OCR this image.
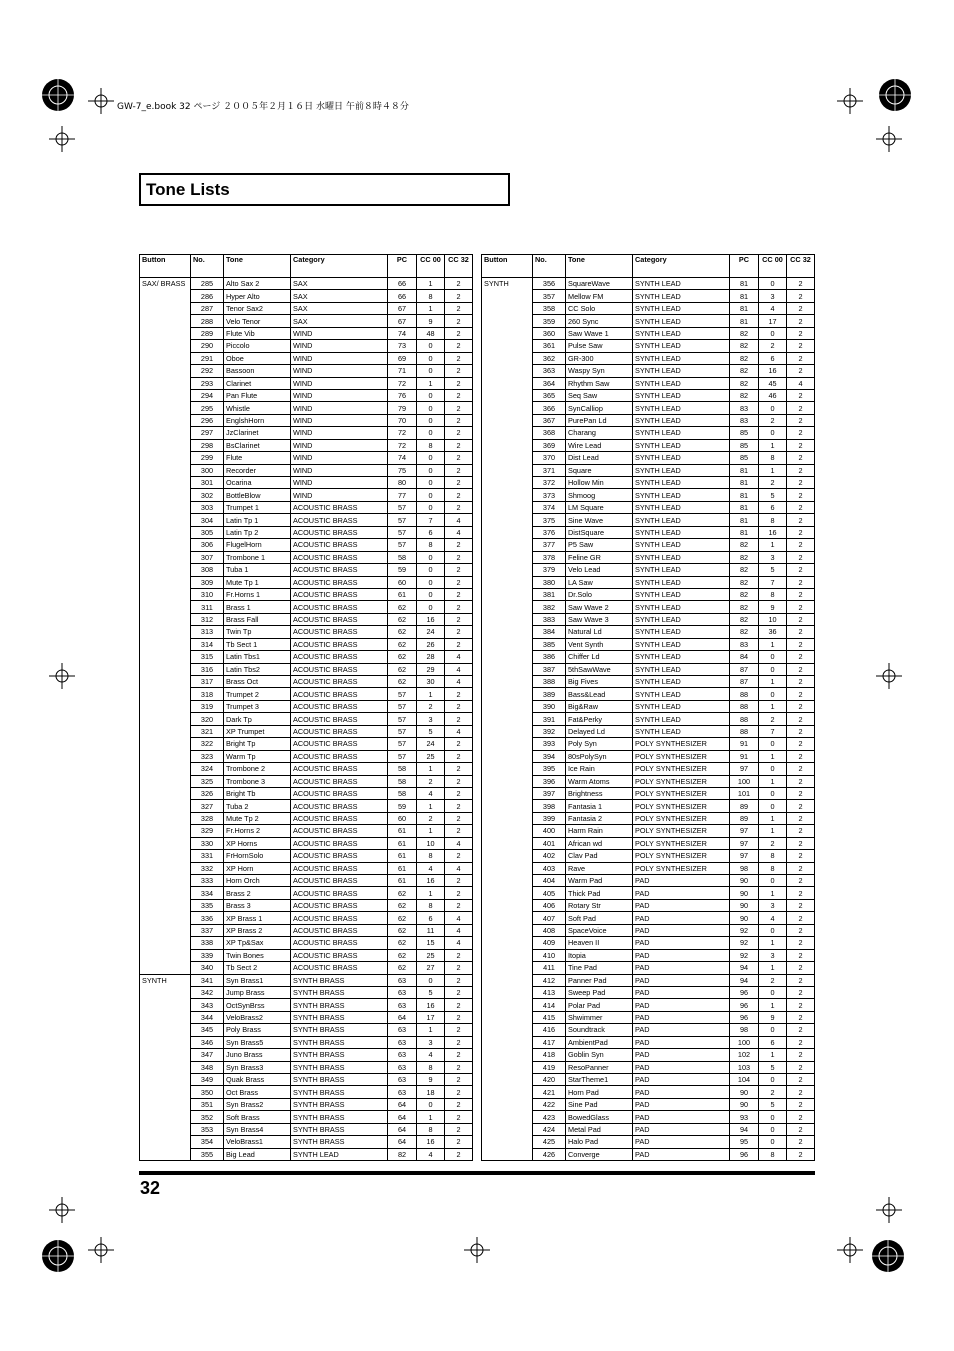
GW-7_e.book 32 ページ ２００５年２月１６日 水曜日 午前８時４８分
Tone Lists
Button	No.	Tone	Category	PC	CC 00	CC 32
SAX/ BRASS	285	Alto Sax 2	SAX	66	1	2
	286	Hyper Alto	SAX	66	8	2
	287	Tenor Sax2	SAX	67	1	2
	288	Velo Tenor	SAX	67	9	2
	289	Flute Vib	WIND	74	48	2
	290	Piccolo	WIND	73	0	2
	291	Oboe	WIND	69	0	2
	292	Bassoon	WIND	71	0	2
	293	Clarinet	WIND	72	1	2
	294	Pan Flute	WIND	76	0	2
	295	Whistle	WIND	79	0	2
	296	EnglshHorn	WIND	70	0	2
	297	JzClarinet	WIND	72	0	2
	298	BsClarinet	WIND	72	8	2
	299	Flute	WIND	74	0	2
	300	Recorder	WIND	75	0	2
	301	Ocarina	WIND	80	0	2
	302	BottleBlow	WIND	77	0	2
	303	Trumpet 1	ACOUSTIC BRASS	57	0	2
	304	Latin Tp 1	ACOUSTIC BRASS	57	7	4
	305	Latin Tp 2	ACOUSTIC BRASS	57	6	4
	306	FlugelHorn	ACOUSTIC BRASS	57	8	2
	307	Trombone 1	ACOUSTIC BRASS	58	0	2
	308	Tuba 1	ACOUSTIC BRASS	59	0	2
	309	Mute Tp 1	ACOUSTIC BRASS	60	0	2
	310	Fr.Horns 1	ACOUSTIC BRASS	61	0	2
	311	Brass 1	ACOUSTIC BRASS	62	0	2
	312	Brass Fall	ACOUSTIC BRASS	62	16	2
	313	Twin Tp	ACOUSTIC BRASS	62	24	2
	314	Tb Sect 1	ACOUSTIC BRASS	62	26	2
	315	Latin Tbs1	ACOUSTIC BRASS	62	28	4
	316	Latin Tbs2	ACOUSTIC BRASS	62	29	4
	317	Brass Oct	ACOUSTIC BRASS	62	30	4
	318	Trumpet 2	ACOUSTIC BRASS	57	1	2
	319	Trumpet 3	ACOUSTIC BRASS	57	2	2
	320	Dark Tp	ACOUSTIC BRASS	57	3	2
	321	XP Trumpet	ACOUSTIC BRASS	57	5	4
	322	Bright Tp	ACOUSTIC BRASS	57	24	2
	323	Warm Tp	ACOUSTIC BRASS	57	25	2
	324	Trombone 2	ACOUSTIC BRASS	58	1	2
	325	Trombone 3	ACOUSTIC BRASS	58	2	2
	326	Bright Tb	ACOUSTIC BRASS	58	4	2
	327	Tuba 2	ACOUSTIC BRASS	59	1	2
	328	Mute Tp 2	ACOUSTIC BRASS	60	2	2
	329	Fr.Horns 2	ACOUSTIC BRASS	61	1	2
	330	XP Horns	ACOUSTIC BRASS	61	10	4
	331	FrHornSolo	ACOUSTIC BRASS	61	8	2
	332	XP Horn	ACOUSTIC BRASS	61	4	4
	333	Horn Orch	ACOUSTIC BRASS	61	16	2
	334	Brass 2	ACOUSTIC BRASS	62	1	2
	335	Brass 3	ACOUSTIC BRASS	62	8	2
	336	XP Brass 1	ACOUSTIC BRASS	62	6	4
	337	XP Brass 2	ACOUSTIC BRASS	62	11	4
	338	XP Tp&Sax	ACOUSTIC BRASS	62	15	4
	339	Twin Bones	ACOUSTIC BRASS	62	25	2
	340	Tb Sect 2	ACOUSTIC BRASS	62	27	2
SYNTH	341	Syn Brass1	SYNTH BRASS	63	0	2
	342	Jump Brass	SYNTH BRASS	63	5	2
	343	OctSynBrss	SYNTH BRASS	63	16	2
	344	VeloBrass2	SYNTH BRASS	64	17	2
	345	Poly Brass	SYNTH BRASS	63	1	2
	346	Syn Brass5	SYNTH BRASS	63	3	2
	347	Juno Brass	SYNTH BRASS	63	4	2
	348	Syn Brass3	SYNTH BRASS	63	8	2
	349	Quak Brass	SYNTH BRASS	63	9	2
	350	Oct Brass	SYNTH BRASS	63	18	2
	351	Syn Brass2	SYNTH BRASS	64	0	2
	352	Soft Brass	SYNTH BRASS	64	1	2
	353	Syn Brass4	SYNTH BRASS	64	8	2
	354	VeloBrass1	SYNTH BRASS	64	16	2
	355	Big Lead	SYNTH LEAD	82	4	2
Button	No.	Tone	Category	PC	CC 00	CC 32
SYNTH	356	SquareWave	SYNTH LEAD	81	0	2
	357	Mellow FM	SYNTH LEAD	81	3	2
	358	CC Solo	SYNTH LEAD	81	4	2
	359	260 Sync	SYNTH LEAD	81	17	2
	360	Saw Wave 1	SYNTH LEAD	82	0	2
	361	Pulse Saw	SYNTH LEAD	82	2	2
	362	GR-300	SYNTH LEAD	82	6	2
	363	Waspy Syn	SYNTH LEAD	82	16	2
	364	Rhythm Saw	SYNTH LEAD	82	45	4
	365	Seq Saw	SYNTH LEAD	82	46	2
	366	SynCalliop	SYNTH LEAD	83	0	2
	367	PurePan Ld	SYNTH LEAD	83	2	2
	368	Charang	SYNTH LEAD	85	0	2
	369	Wire Lead	SYNTH LEAD	85	1	2
	370	Dist Lead	SYNTH LEAD	85	8	2
	371	Square	SYNTH LEAD	81	1	2
	372	Hollow Min	SYNTH LEAD	81	2	2
	373	Shmoog	SYNTH LEAD	81	5	2
	374	LM Square	SYNTH LEAD	81	6	2
	375	Sine Wave	SYNTH LEAD	81	8	2
	376	DistSquare	SYNTH LEAD	81	16	2
	377	P5 Saw	SYNTH LEAD	82	1	2
	378	Feline GR	SYNTH LEAD	82	3	2
	379	Velo Lead	SYNTH LEAD	82	5	2
	380	LA Saw	SYNTH LEAD	82	7	2
	381	Dr.Solo	SYNTH LEAD	82	8	2
	382	Saw Wave 2	SYNTH LEAD	82	9	2
	383	Saw Wave 3	SYNTH LEAD	82	10	2
	384	Natural Ld	SYNTH LEAD	82	36	2
	385	Vent Synth	SYNTH LEAD	83	1	2
	386	Chiffer Ld	SYNTH LEAD	84	0	2
	387	5thSawWave	SYNTH LEAD	87	0	2
	388	Big Fives	SYNTH LEAD	87	1	2
	389	Bass&Lead	SYNTH LEAD	88	0	2
	390	Big&Raw	SYNTH LEAD	88	1	2
	391	Fat&Perky	SYNTH LEAD	88	2	2
	392	Delayed Ld	SYNTH LEAD	88	7	2
	393	Poly Syn	POLY SYNTHESIZER	91	0	2
	394	80sPolySyn	POLY SYNTHESIZER	91	1	2
	395	Ice Rain	POLY SYNTHESIZER	97	0	2
	396	Warm Atoms	POLY SYNTHESIZER	100	1	2
	397	Brightness	POLY SYNTHESIZER	101	0	2
	398	Fantasia 1	POLY SYNTHESIZER	89	0	2
	399	Fantasia 2	POLY SYNTHESIZER	89	1	2
	400	Harm Rain	POLY SYNTHESIZER	97	1	2
	401	African wd	POLY SYNTHESIZER	97	2	2
	402	Clav Pad	POLY SYNTHESIZER	97	8	2
	403	Rave	POLY SYNTHESIZER	98	8	2
	404	Warm Pad	PAD	90	0	2
	405	Thick Pad	PAD	90	1	2
	406	Rotary Str	PAD	90	3	2
	407	Soft Pad	PAD	90	4	2
	408	SpaceVoice	PAD	92	0	2
	409	Heaven II	PAD	92	1	2
	410	Itopia	PAD	92	3	2
	411	Tine Pad	PAD	94	1	2
	412	Panner Pad	PAD	94	2	2
	413	Sweep Pad	PAD	96	0	2
	414	Polar Pad	PAD	96	1	2
	415	Shwimmer	PAD	96	9	2
	416	Soundtrack	PAD	98	0	2
	417	AmbientPad	PAD	100	6	2
	418	Goblin Syn	PAD	102	1	2
	419	ResoPanner	PAD	103	5	2
	420	StarTheme1	PAD	104	0	2
	421	Horn Pad	PAD	90	2	2
	422	Sine Pad	PAD	90	5	2
	423	BowedGlass	PAD	93	0	2
	424	Metal Pad	PAD	94	0	2
	425	Halo Pad	PAD	95	0	2
	426	Converge	PAD	96	8	2
32
